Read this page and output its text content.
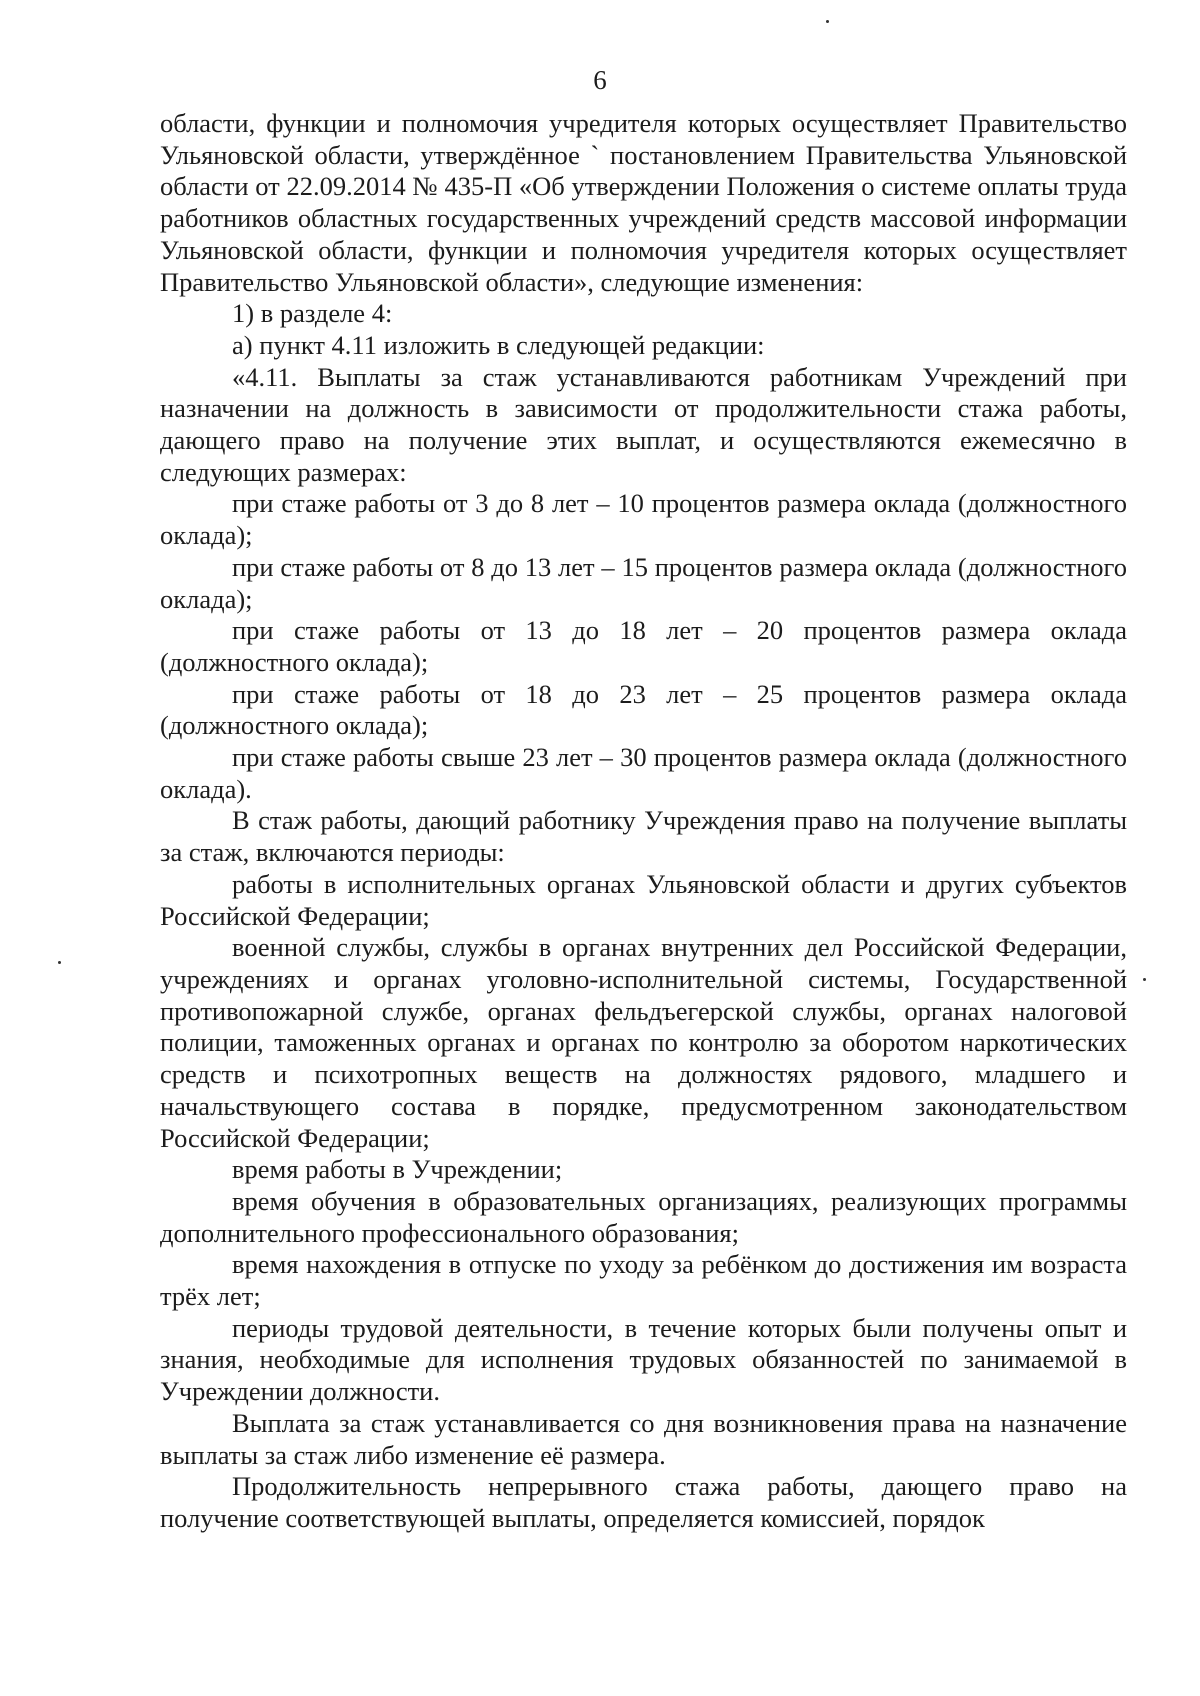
6

области, функции и полномочия учредителя которых осуществляет Правительство Ульяновской области, утверждённое ` постановлением Правительства Ульяновской области от 22.09.2014 № 435-П «Об утверждении Положения о системе оплаты труда работников областных государственных учреждений средств массовой информации Ульяновской области, функции и полномочия учредителя которых осуществляет Правительство Ульяновской области», следующие изменения:

1) в разделе 4:

а) пункт 4.11 изложить в следующей редакции:

«4.11. Выплаты за стаж устанавливаются работникам Учреждений при назначении на должность в зависимости от продолжительности стажа работы, дающего право на получение этих выплат, и осуществляются ежемесячно в следующих размерах:

при стаже работы от 3 до 8 лет – 10 процентов размера оклада (должностного оклада);

при стаже работы от 8 до 13 лет – 15 процентов размера оклада (должностного оклада);

при стаже работы от 13 до 18 лет – 20 процентов размера оклада (должностного оклада);

при стаже работы от 18 до 23 лет – 25 процентов размера оклада (должностного оклада);

при стаже работы свыше 23 лет – 30 процентов размера оклада (должностного оклада).

В стаж работы, дающий работнику Учреждения право на получение выплаты за стаж, включаются периоды:

работы в исполнительных органах Ульяновской области и других субъектов Российской Федерации;

военной службы, службы в органах внутренних дел Российской Федерации, учреждениях и органах уголовно-исполнительной системы, Государственной противопожарной службе, органах фельдъегерской службы, органах налоговой полиции, таможенных органах и органах по контролю за оборотом наркотических средств и психотропных веществ на должностях рядового, младшего и начальствующего состава в порядке, предусмотренном законодательством Российской Федерации;

время работы в Учреждении;

время обучения в образовательных организациях, реализующих программы дополнительного профессионального образования;

время нахождения в отпуске по уходу за ребёнком до достижения им возраста трёх лет;

периоды трудовой деятельности, в течение которых были получены опыт и знания, необходимые для исполнения трудовых обязанностей по занимаемой в Учреждении должности.

Выплата за стаж устанавливается со дня возникновения права на назначение выплаты за стаж либо изменение её размера.

Продолжительность непрерывного стажа работы, дающего право на получение соответствующей выплаты, определяется комиссией, порядок
